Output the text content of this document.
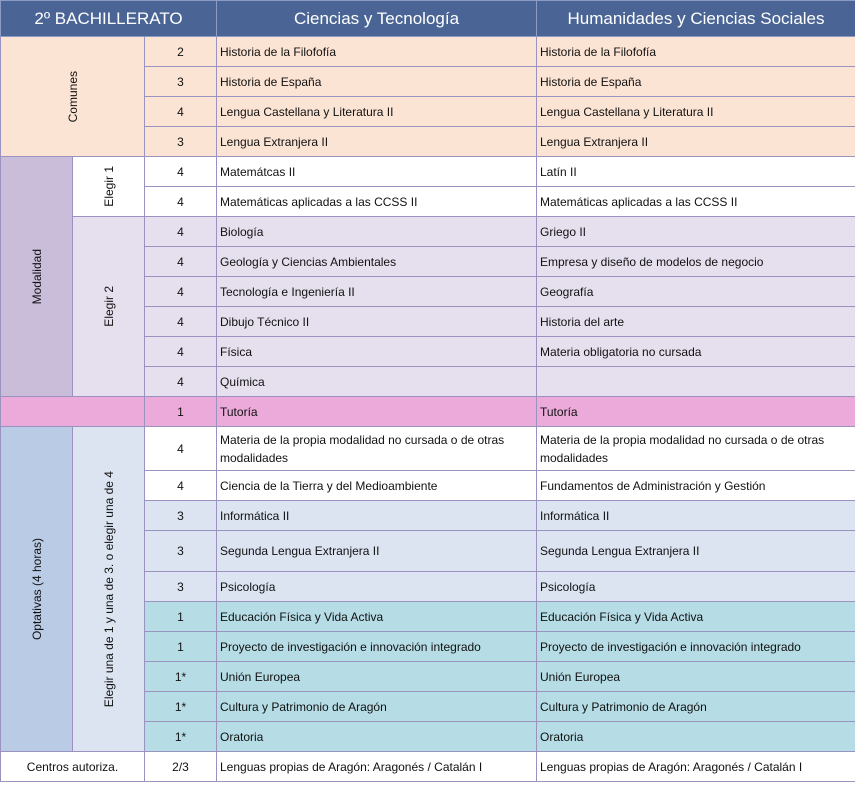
2º BACHILLERATO			Ciencias y Tecnología	Humanidades y Ciencias Sociales

Comunes		2	Historia de la Filofofía	Historia de la Filofofía
		3	Historia de España	Historia de España
		4	Lengua Castellana y Literatura II	Lengua Castellana y Literatura II
		3	Lengua Extranjera II	Lengua Extranjera II

Modalidad	Elegir 1	4	Matemátcas II	Latín II
		4	Matemáticas aplicadas a las CCSS II	Matemáticas aplicadas a las CCSS II

	Elegir 2	4	Biología	Griego II
		4	Geología y Ciencias Ambientales	Empresa y diseño de modelos de negocio
		4	Tecnología e Ingeniería II	Geografía
		4	Dibujo Técnico II	Historia del arte
		4	Física	Materia obligatoria no cursada
		4	Química	
		1	Tutoría	Tutoría

Optativas (4 horas)	Elegir una de 1 y una de 3. o elegir una de 4	4	Materia de la propia modalidad no cursada o de otras modalidades	Materia de la propia modalidad no cursada o de otras modalidades
		4	Ciencia de la Tierra y del Medioambiente	Fundamentos de Administración y Gestión
		3	Informática II	Informática II
		3	Segunda Lengua Extranjera II	Segunda Lengua Extranjera II
		3	Psicología	Psicología
		1	Educación Física y Vida Activa	Educación Física y Vida Activa
		1	Proyecto de investigación e innovación integrado	Proyecto de investigación e innovación integrado
		1*	Unión Europea	Unión Europea
		1*	Cultura y Patrimonio de Aragón	Cultura y Patrimonio de Aragón
		1*	Oratoria	Oratoria
Centros autoriza.		2/3	Lenguas propias de Aragón: Aragonés / Catalán I	Lenguas propias de Aragón: Aragonés / Catalán I
